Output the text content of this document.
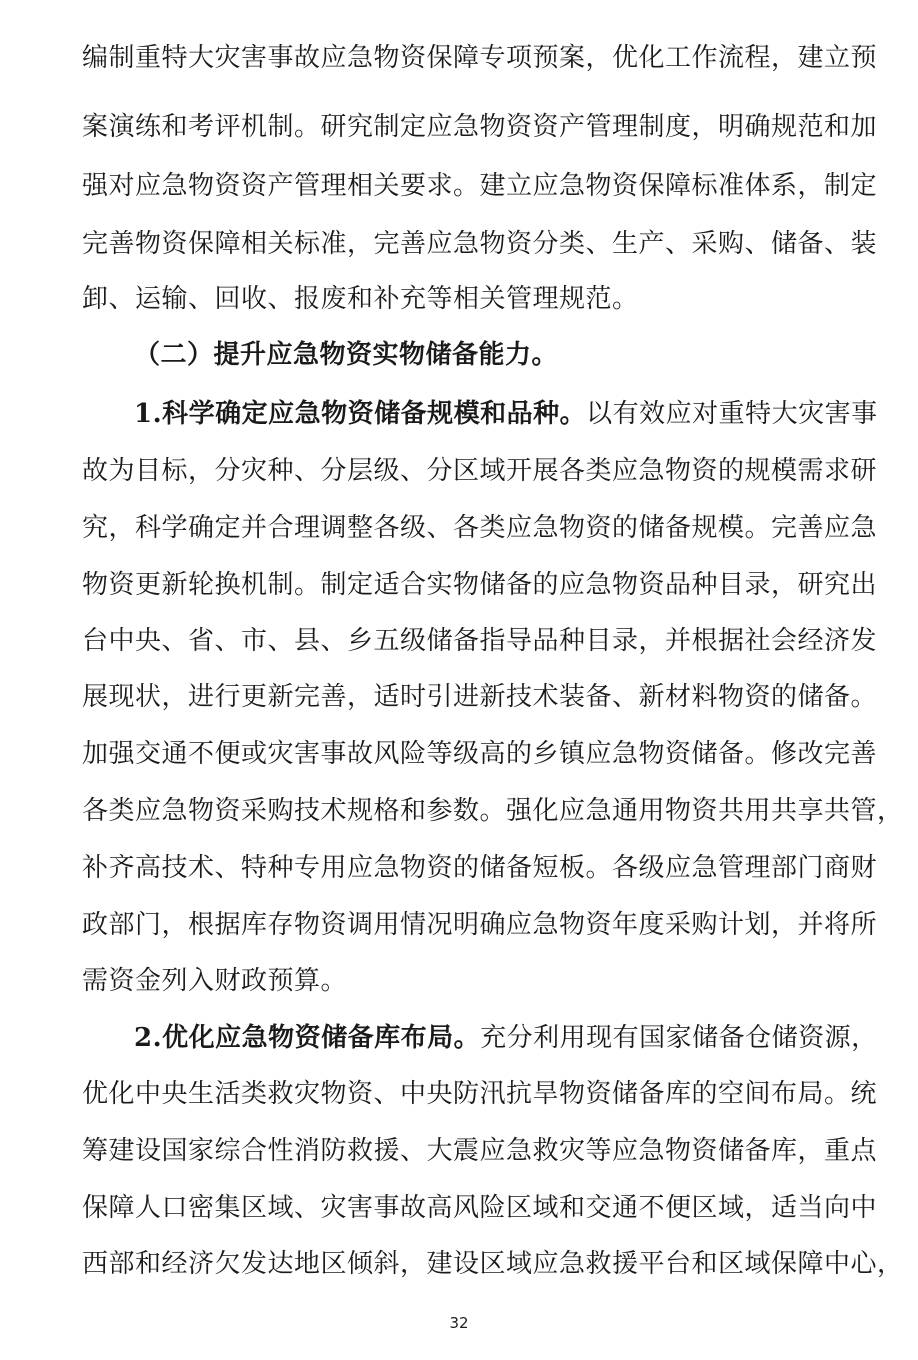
编制重特大灾害事故应急物资保障专项预案，优化工作流程，建立预
案演练和考评机制。研究制定应急物资资产管理制度，明确规范和加
强对应急物资资产管理相关要求。建立应急物资保障标准体系，制定
完善物资保障相关标准，完善应急物资分类、生产、采购、储备、装
卸、运输、回收、报废和补充等相关管理规范。
（二）提升应急物资实物储备能力。
1.科学确定应急物资储备规模和品种。以有效应对重特大灾害事
故为目标，分灾种、分层级、分区域开展各类应急物资的规模需求研
究，科学确定并合理调整各级、各类应急物资的储备规模。完善应急
物资更新轮换机制。制定适合实物储备的应急物资品种目录，研究出
台中央、省、市、县、乡五级储备指导品种目录，并根据社会经济发
展现状，进行更新完善，适时引进新技术装备、新材料物资的储备。
加强交通不便或灾害事故风险等级高的乡镇应急物资储备。修改完善
各类应急物资采购技术规格和参数。强化应急通用物资共用共享共管，
补齐高技术、特种专用应急物资的储备短板。各级应急管理部门商财
政部门，根据库存物资调用情况明确应急物资年度采购计划，并将所
需资金列入财政预算。
2.优化应急物资储备库布局。充分利用现有国家储备仓储资源，
优化中央生活类救灾物资、中央防汛抗旱物资储备库的空间布局。统
筹建设国家综合性消防救援、大震应急救灾等应急物资储备库，重点
保障人口密集区域、灾害事故高风险区域和交通不便区域，适当向中
西部和经济欠发达地区倾斜，建设区域应急救援平台和区域保障中心，
32
